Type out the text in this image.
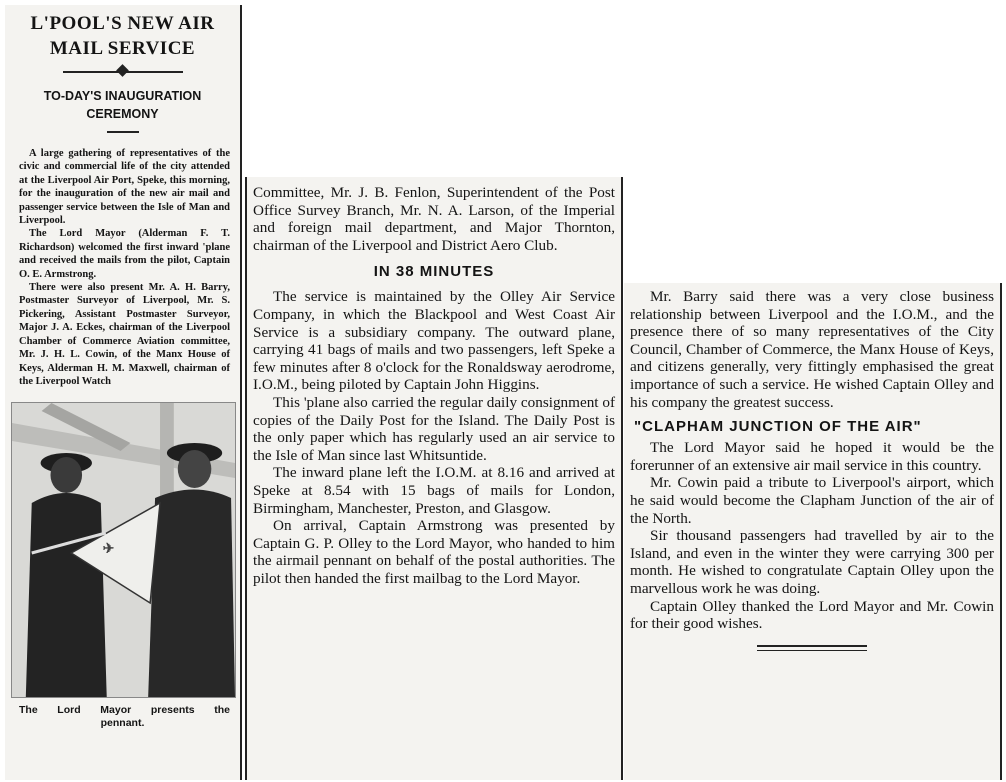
L'POOL'S NEW AIR
MAIL SERVICE
TO-DAY'S INAUGURATION
CEREMONY

A large gathering of representatives of the civic and commercial life of the city attended at the Liverpool Air Port, Speke, this morning, for the inauguration of the new air mail and passenger service between the Isle of Man and Liverpool.

The Lord Mayor (Alderman F. T. Richardson) welcomed the first inward 'plane and received the mails from the pilot, Captain O. E. Armstrong.

There were also present Mr. A. H. Barry, Postmaster Surveyor of Liverpool, Mr. S. Pickering, Assistant Postmaster Surveyor, Major J. A. Eckes, chairman of the Liverpool Chamber of Commerce Aviation committee, Mr. J. H. L. Cowin, of the Manx House of Keys, Alderman H. M. Maxwell, chairman of the Liverpool Watch

✈
The Lord Mayor presents the
pennant.

Committee, Mr. J. B. Fenlon, Superintendent of the Post Office Survey Branch, Mr. N. A. Larson, of the Imperial and foreign mail department, and Major Thornton, chairman of the Liverpool and District Aero Club.

IN 38 MINUTES

The service is maintained by the Olley Air Service Company, in which the Blackpool and West Coast Air Service is a subsidiary company. The outward plane, carrying 41 bags of mails and two passengers, left Speke a few minutes after 8 o'clock for the Ronaldsway aerodrome, I.O.M., being piloted by Captain John Higgins.

This 'plane also carried the regular daily consignment of copies of the Daily Post for the Island. The Daily Post is the only paper which has regularly used an air service to the Isle of Man since last Whitsuntide.

The inward plane left the I.O.M. at 8.16 and arrived at Speke at 8.54 with 15 bags of mails for London, Birmingham, Manchester, Preston, and Glasgow.

On arrival, Captain Armstrong was presented by Captain G. P. Olley to the Lord Mayor, who handed to him the airmail pennant on behalf of the postal authorities. The pilot then handed the first mailbag to the Lord Mayor.

Mr. Barry said there was a very close business relationship between Liverpool and the I.O.M., and the presence there of so many representatives of the City Council, Chamber of Commerce, the Manx House of Keys, and citizens generally, very fittingly emphasised the great importance of such a service. He wished Captain Olley and his company the greatest success.

"CLAPHAM JUNCTION OF THE AIR"

The Lord Mayor said he hoped it would be the forerunner of an extensive air mail service in this country.

Mr. Cowin paid a tribute to Liverpool's airport, which he said would become the Clapham Junction of the air of the North.

Sir thousand passengers had travelled by air to the Island, and even in the winter they were carrying 300 per month. He wished to congratulate Captain Olley upon the marvellous work he was doing.

Captain Olley thanked the Lord Mayor and Mr. Cowin for their good wishes.
